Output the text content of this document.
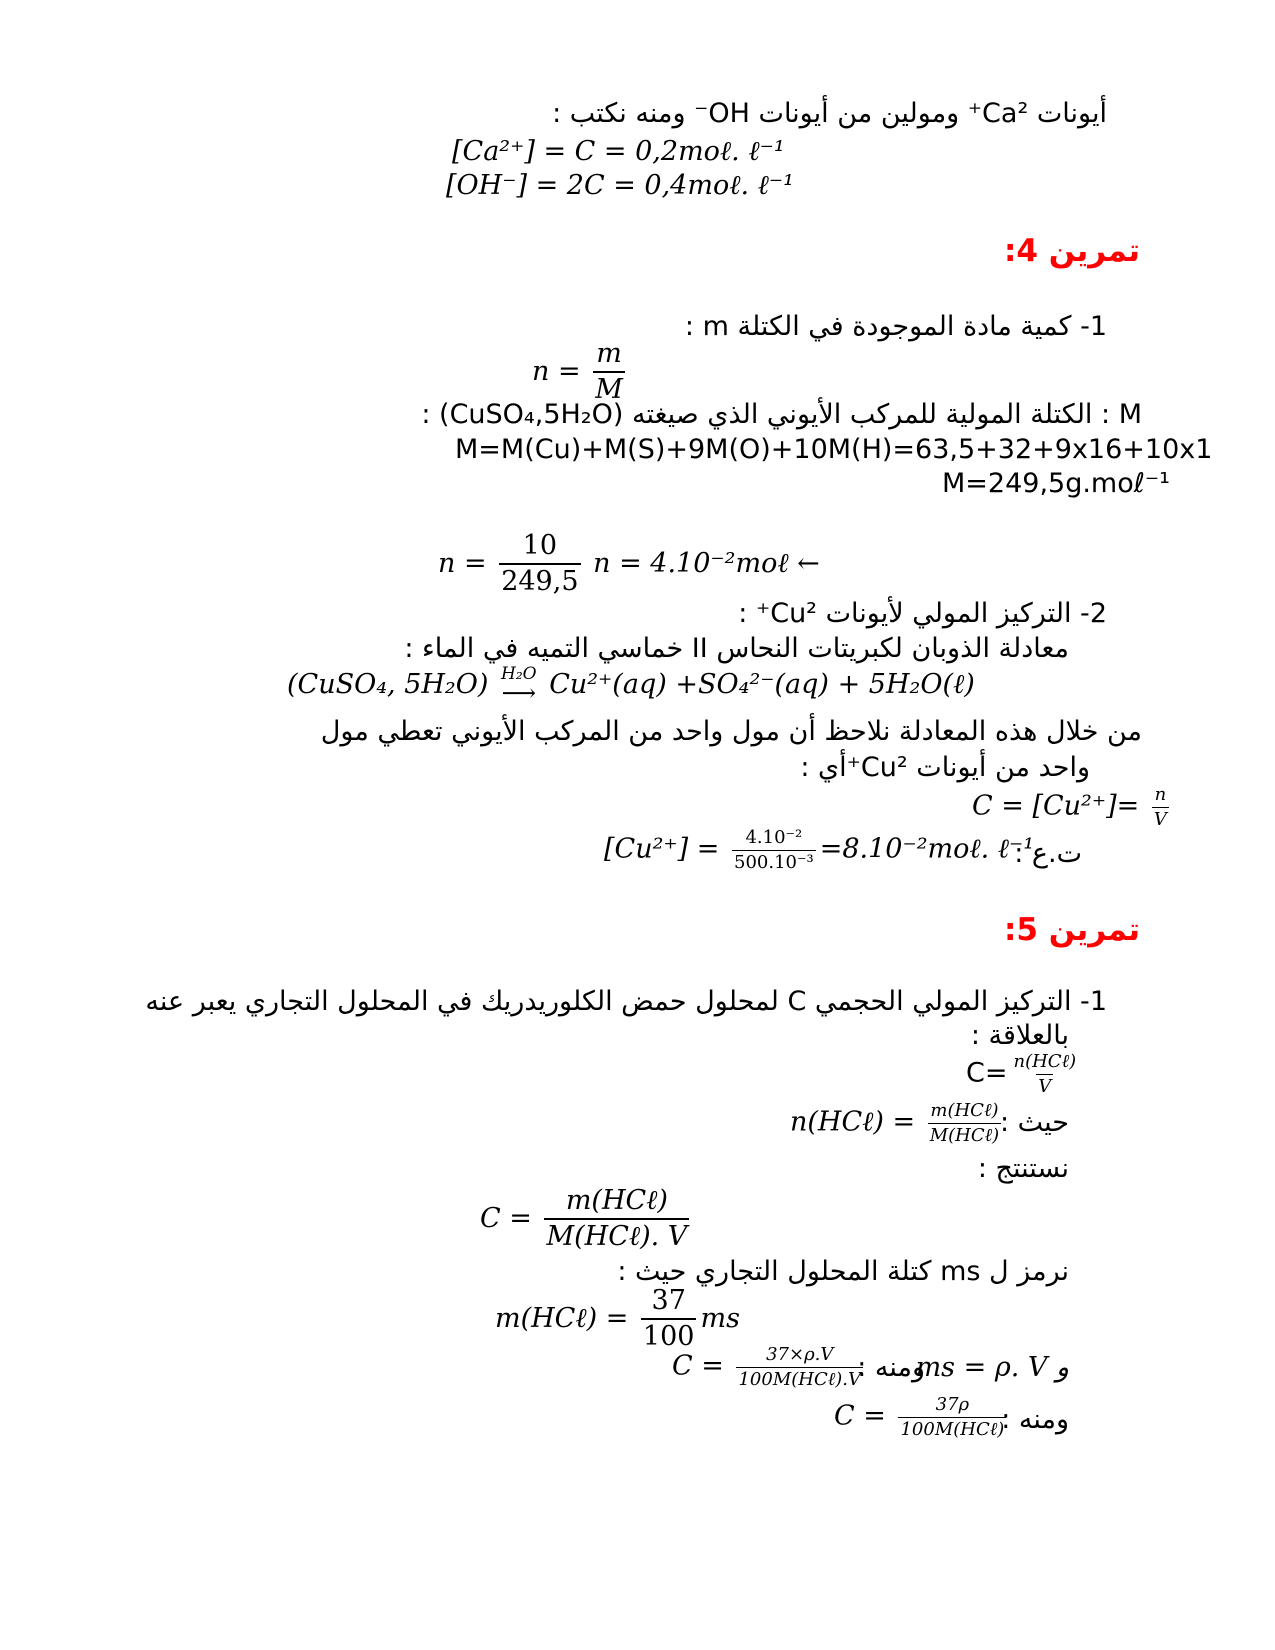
أيونات Ca²⁺ ومولين من أيونات OH⁻ ومنه نكتب :
[Ca²⁺] = C = 0,2moℓ. ℓ⁻¹
[OH⁻] = 2C = 0,4moℓ. ℓ⁻¹
تمرين 4:
1- كمية مادة الموجودة في الكتلة m :
$n = \frac{m}{M}$
M : الكتلة المولية للمركب الأيوني الذي صيغته (CuSO₄,5H₂O) :
M=M(Cu)+M(S)+9M(O)+10M(H)=63,5+32+9x16+10x1
M=249,5g.moℓ⁻¹
$n = \frac{10}{249,5}$ n = 4.10⁻²moℓ ←
2- التركيز المولي لأيونات Cu²⁺ :
معادلة الذوبان لكبريتات النحاس II خماسي التميه في الماء :
(CuSO₄, 5H₂O) H₂O
⟶ Cu²⁺(aq) +SO₄²⁻(aq) + 5H₂O(ℓ)
من خلال هذه المعادلة نلاحظ أن مول واحد من المركب الأيوني تعطي مول
واحد من أيونات Cu²⁺أي :
$C = [Cu^{2+}]= \frac{n}{V}$
$[Cu^{2+}] = \frac{\text{4.10⁻²}}{\text{500.10⁻³}}$ =8.10⁻²moℓ. ℓ⁻¹
ت.ع :
تمرين 5:
1- التركيز المولي الحجمي C لمحلول حمض الكلوريدريك في المحلول التجاري يعبر عنه
بالعلاقة :
$C= \frac{\text{n(HCℓ)}}{V}$
n(HCℓ) = $\frac{\text{m(HCℓ)}}{\text{M(HCℓ)}}$
حيث :
نستنتج :
$C = \frac{\text{m(HCℓ)}}{\text{M(HCℓ). V}}$
نرمز ل ms كتلة المحلول التجاري حيث :
m(HCℓ) = $\frac{37}{100}$ ms
$C = \frac{37\times\rho.V}{\text{100M(HCℓ).V}}$
ومنه :
و ms = ρ. V
$C = \frac{37\rho}{\text{100M(HCℓ)}}$
ومنه :
